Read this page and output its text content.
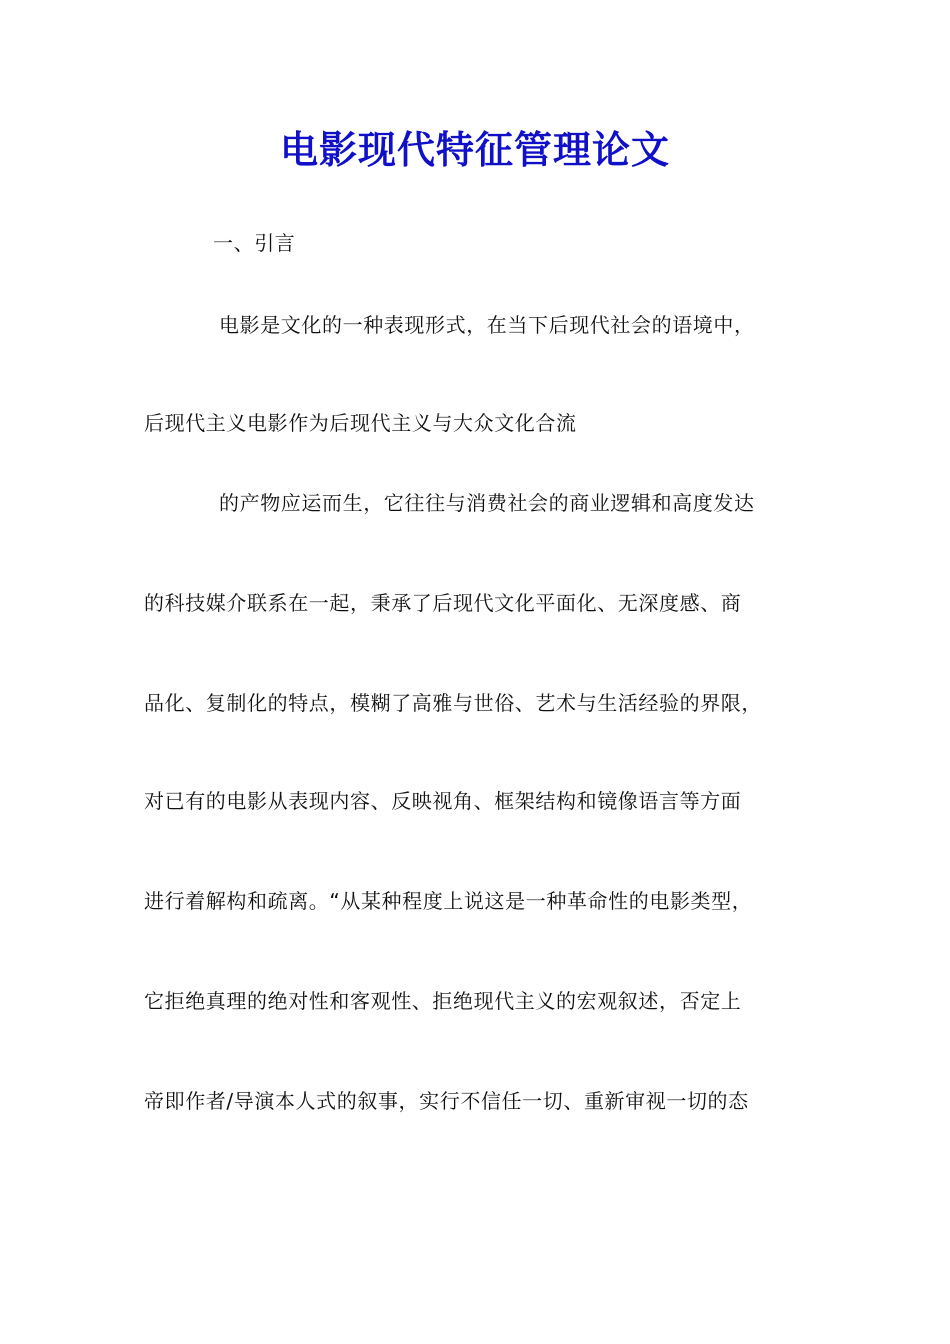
电影现代特征管理论文
一、引言
电影是文化的一种表现形式，在当下后现代社会的语境中，
后现代主义电影作为后现代主义与大众文化合流
的产物应运而生，它往往与消费社会的商业逻辑和高度发达
的科技媒介联系在一起，秉承了后现代文化平面化、无深度感、商
品化、复制化的特点，模糊了高雅与世俗、艺术与生活经验的界限，
对已有的电影从表现内容、反映视角、框架结构和镜像语言等方面
进行着解构和疏离。“从某种程度上说这是一种革命性的电影类型，
它拒绝真理的绝对性和客观性、拒绝现代主义的宏观叙述，否定上
帝即作者/导演本人式的叙事，实行不信任一切、重新审视一切的态
